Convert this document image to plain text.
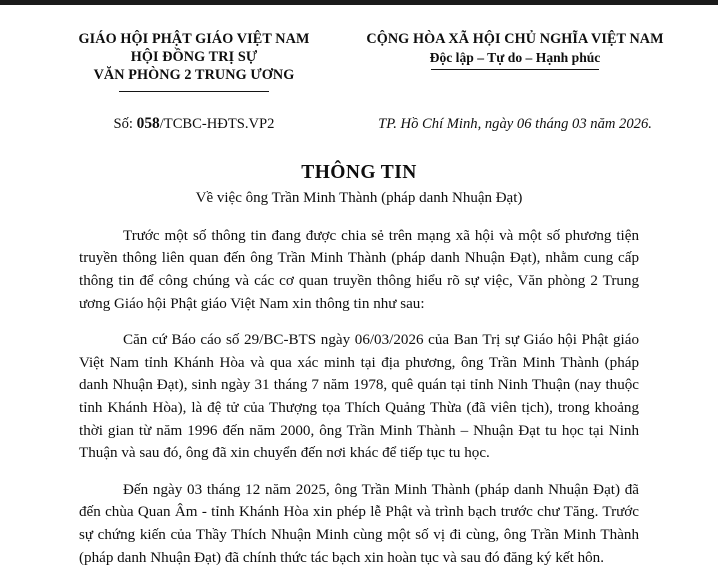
GIÁO HỘI PHẬT GIÁO VIỆT NAM
HỘI ĐỒNG TRỊ SỰ
VĂN PHÒNG 2 TRUNG ƯƠNG
CỘNG HÒA XÃ HỘI CHỦ NGHĨA VIỆT NAM
Độc lập – Tự do – Hạnh phúc
Số: 058/TCBC-HĐTS.VP2	TP. Hồ Chí Minh, ngày 06 tháng 03 năm 2026.
THÔNG TIN
Về việc ông Trần Minh Thành (pháp danh Nhuận Đạt)

Trước một số thông tin đang được chia sẻ trên mạng xã hội và một số phương tiện truyền thông liên quan đến ông Trần Minh Thành (pháp danh Nhuận Đạt), nhằm cung cấp thông tin để công chúng và các cơ quan truyền thông hiểu rõ sự việc, Văn phòng 2 Trung ương Giáo hội Phật giáo Việt Nam xin thông tin như sau:

Căn cứ Báo cáo số 29/BC-BTS ngày 06/03/2026 của Ban Trị sự Giáo hội Phật giáo Việt Nam tỉnh Khánh Hòa và qua xác minh tại địa phương, ông Trần Minh Thành (pháp danh Nhuận Đạt), sinh ngày 31 tháng 7 năm 1978, quê quán tại tỉnh Ninh Thuận (nay thuộc tỉnh Khánh Hòa), là đệ tử của Thượng tọa Thích Quảng Thừa (đã viên tịch), trong khoảng thời gian từ năm 1996 đến năm 2000, ông Trần Minh Thành – Nhuận Đạt tu học tại Ninh Thuận và sau đó, ông đã xin chuyển đến nơi khác để tiếp tục tu học.

Đến ngày 03 tháng 12 năm 2025, ông Trần Minh Thành (pháp danh Nhuận Đạt) đã đến chùa Quan Âm - tỉnh Khánh Hòa xin phép lễ Phật và trình bạch trước chư Tăng. Trước sự chứng kiến của Thầy Thích Nhuận Minh cùng một số vị đi cùng, ông Trần Minh Thành (pháp danh Nhuận Đạt) đã chính thức tác bạch xin hoàn tục và sau đó đăng ký kết hôn.
